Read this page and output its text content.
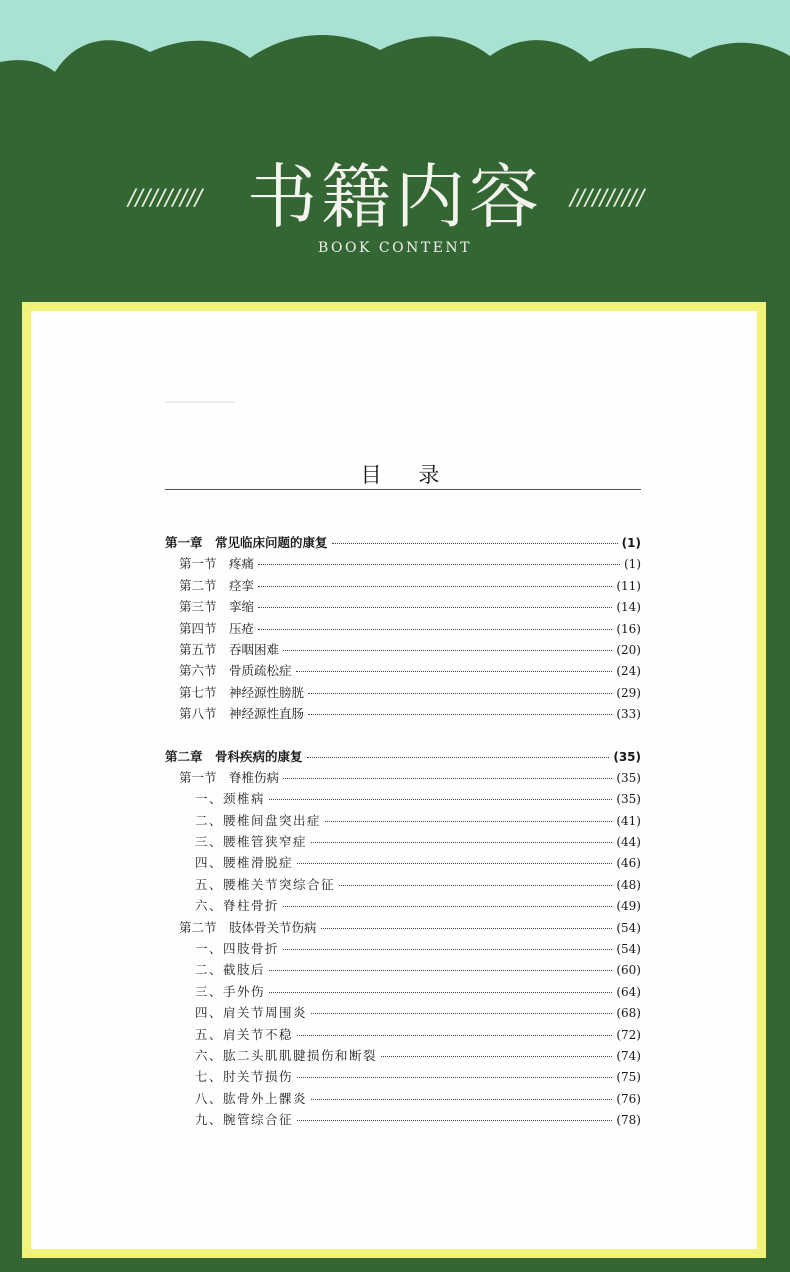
////////// 书籍内容	//////////
BOOK CONTENT
目 录
第一章　常见临床问题的康复	(1)
第一节　疼痛	(1)
第二节　痉挛	(11)
第三节　挛缩	(14)
第四节　压疮	(16)
第五节　吞咽困难	(20)
第六节　骨质疏松症	(24)
第七节　神经源性膀胱	(29)
第八节　神经源性直肠	(33)
第二章　骨科疾病的康复	(35)
第一节　脊椎伤病	(35)
一、颈椎病	(35)
二、腰椎间盘突出症	(41)
三、腰椎管狭窄症	(44)
四、腰椎滑脱症	(46)
五、腰椎关节突综合征	(48)
六、脊柱骨折	(49)
第二节　肢体骨关节伤病	(54)
一、四肢骨折	(54)
二、截肢后	(60)
三、手外伤	(64)
四、肩关节周围炎	(68)
五、肩关节不稳	(72)
六、肱二头肌肌腱损伤和断裂	(74)
七、肘关节损伤	(75)
八、肱骨外上髁炎	(76)
九、腕管综合征	(78)
